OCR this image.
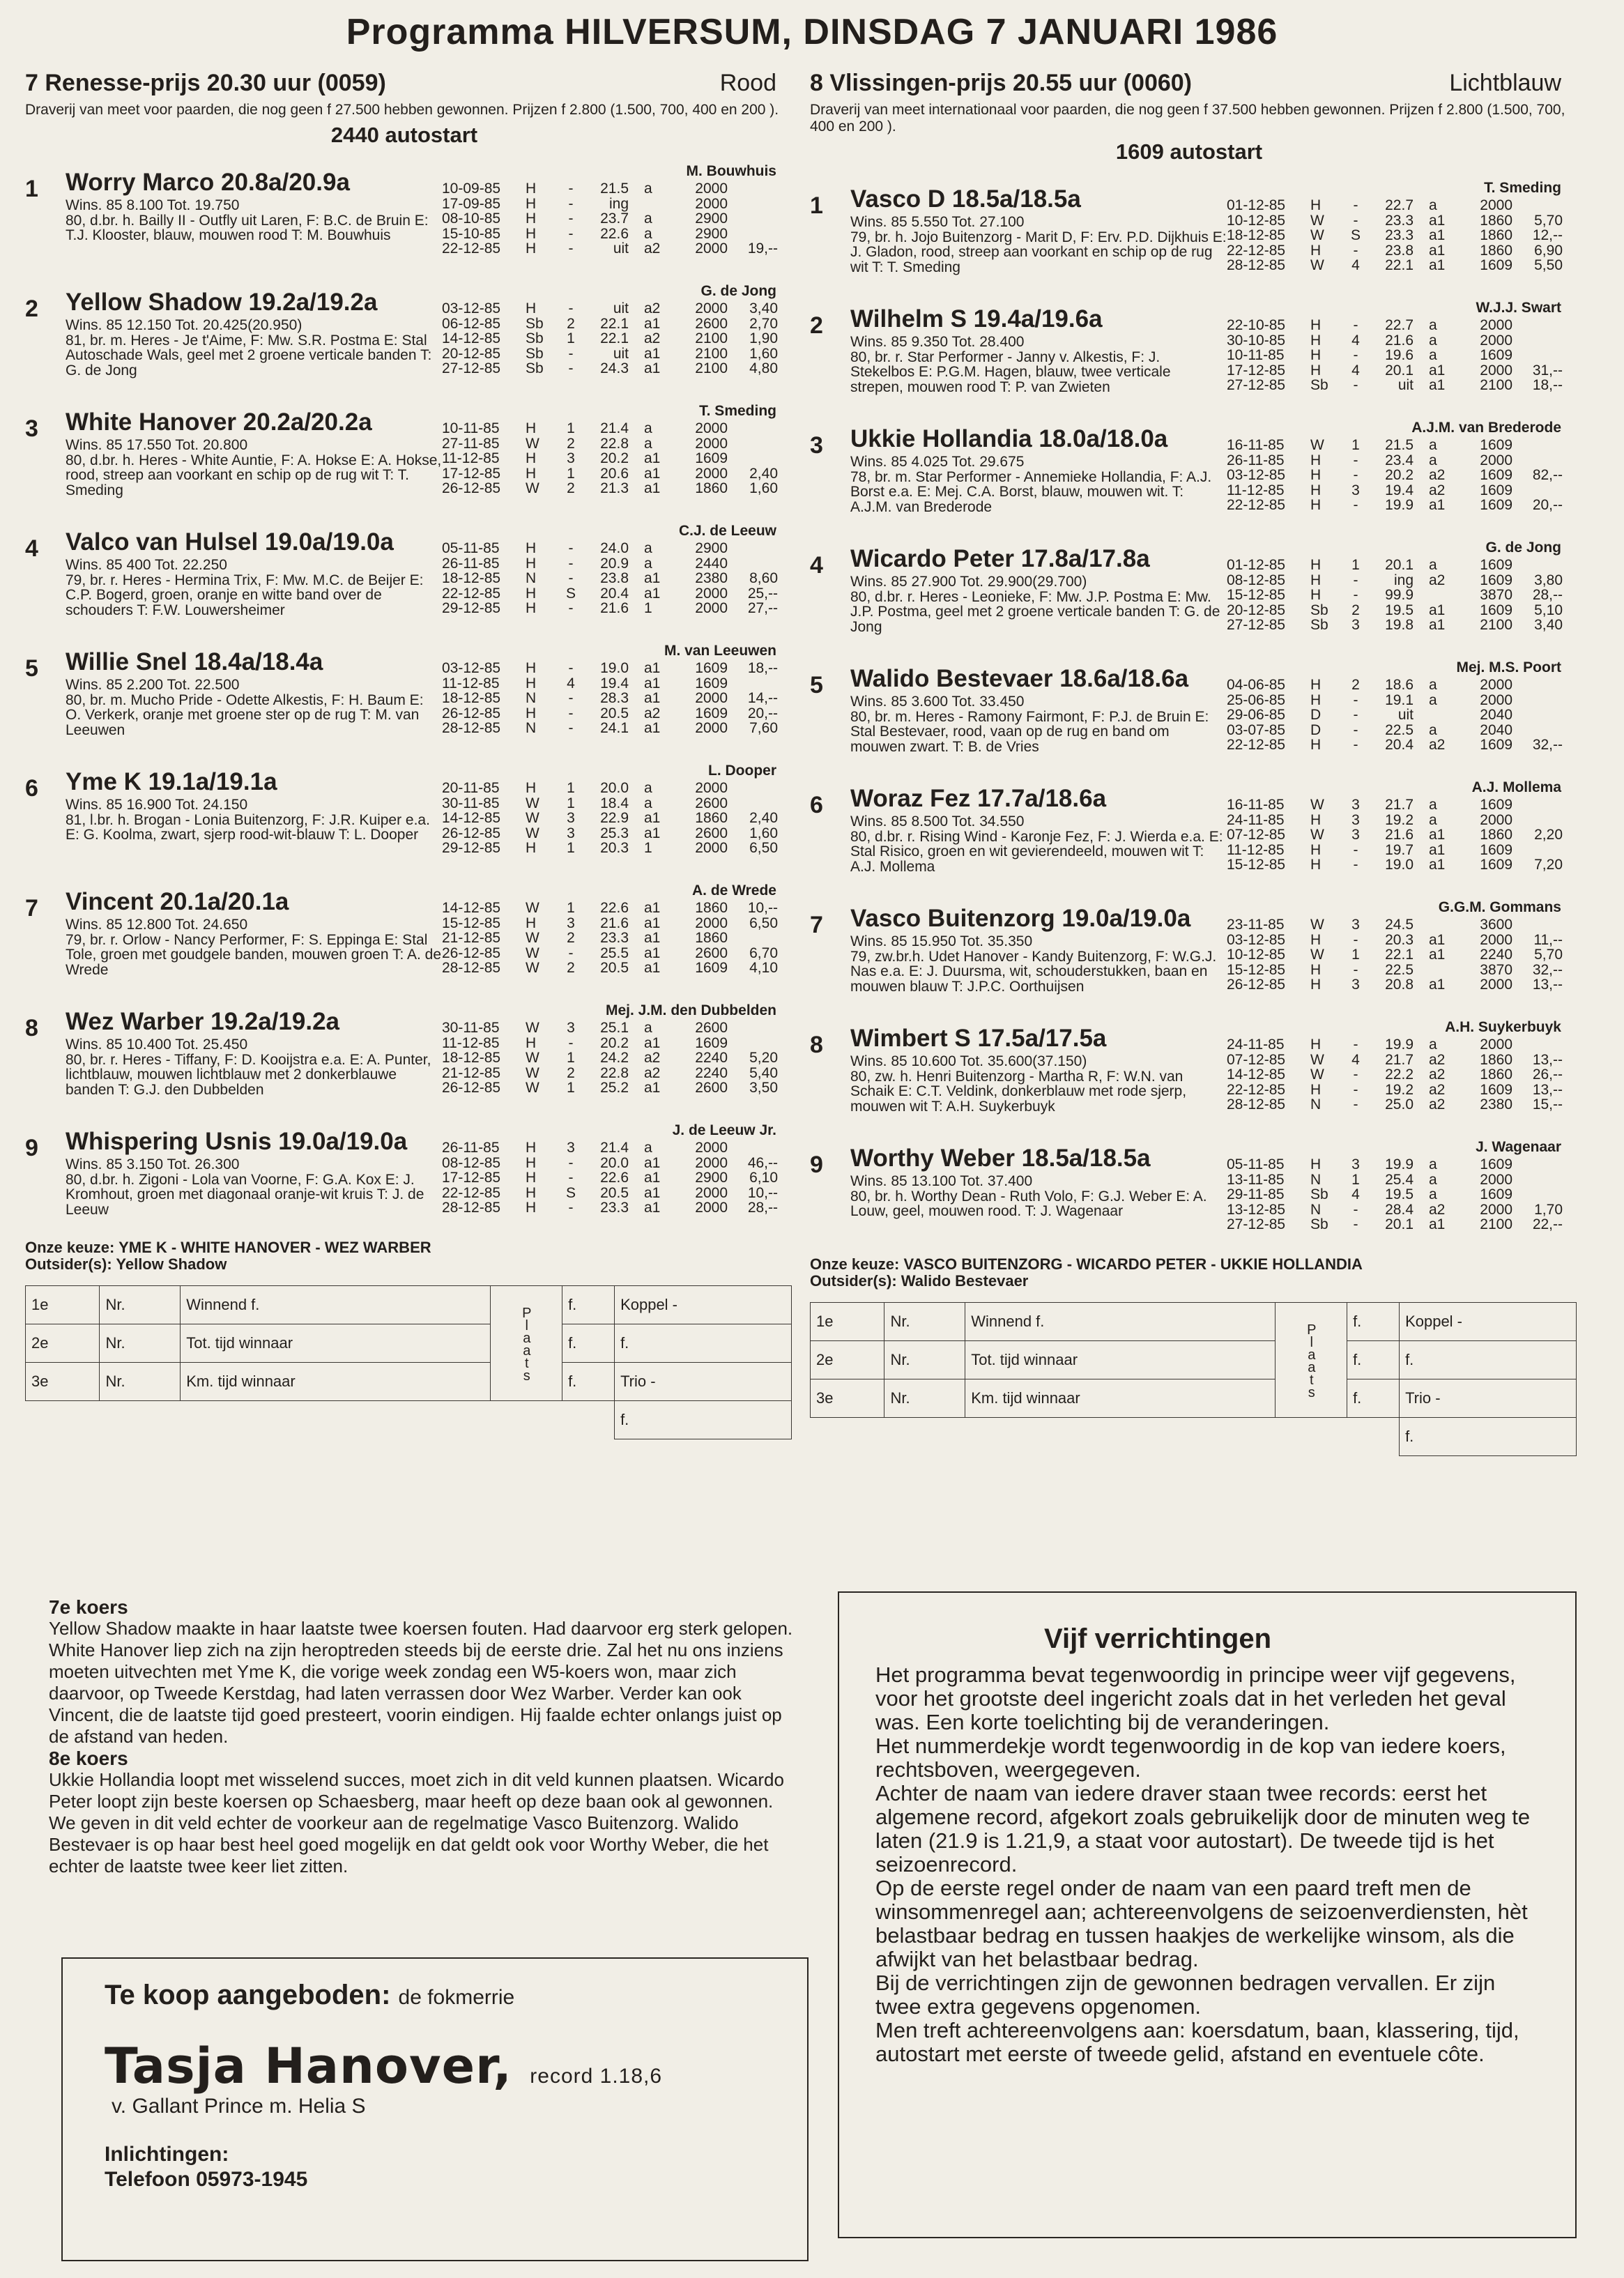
Programma HILVERSUM, DINSDAG 7 JANUARI 1986
7 Renesse-prijs 20.30 uur (0059)	Rood
Draverij van meet voor paarden, die nog geen f 27.500 hebben gewonnen. Prijzen f 2.800 (1.500, 700, 400 en 200 ).
2440 autostart
1 Worry Marco 20.8a/20.9a	M. Bouwhuis
Wins. 85 8.100 Tot. 19.750
80, d.br. h. Bailly II - Outfly uit Laren, F: B.C. de Bruin E: T.J. Klooster, blauw, mouwen rood T: M. Bouwhuis
10-09-85	H	-	21.5 a	2000
17-09-85	H	-	ing	2000
08-10-85	H	-	23.7 a	2900
15-10-85	H	-	22.6 a	2900
22-12-85	H	-	uit a2	2000	19,--
2 Yellow Shadow 19.2a/19.2a	G. de Jong
Wins. 85 12.150 Tot. 20.425(20.950)
81, br. m. Heres - Je t'Aime, F: Mw. S.R. Postma E: Stal Autoschade Wals, geel met 2 groene verticale banden T: G. de Jong
03-12-85	H	-	uit a2	2000	3,40
06-12-85	Sb	2	22.1 a1	2600	2,70
14-12-85	Sb	1	22.1 a2	2100	1,90
20-12-85	Sb	-	uit a1	2100	1,60
27-12-85	Sb	-	24.3 a1	2100	4,80
3 White Hanover 20.2a/20.2a	T. Smeding
Wins. 85 17.550 Tot. 20.800
80, d.br. h. Heres - White Auntie, F: A. Hokse E: A. Hokse, rood, streep aan voorkant en schip op de rug wit T: T. Smeding
10-11-85	H	1	21.4 a	2000
27-11-85	W	2	22.8 a	2000
11-12-85	H	3	20.2 a1	1609
17-12-85	H	1	20.6 a1	2000	2,40
26-12-85	W	2	21.3 a1	1860	1,60
4 Valco van Hulsel 19.0a/19.0a	C.J. de Leeuw
Wins. 85 400 Tot. 22.250
79, br. r. Heres - Hermina Trix, F: Mw. M.C. de Beijer E: C.P. Bogerd, groen, oranje en witte band over de schouders T: F.W. Louwersheimer
05-11-85	H	-	24.0 a	2900
26-11-85	H	-	20.9 a	2440
18-12-85	N	-	23.8 a1	2380	8,60
22-12-85	H	S	20.4 a1	2000	25,--
29-12-85	H	-	21.6 1	2000	27,--
5 Willie Snel 18.4a/18.4a	M. van Leeuwen
Wins. 85 2.200 Tot. 22.500
80, br. m. Mucho Pride - Odette Alkestis, F: H. Baum E: O. Verkerk, oranje met groene ster op de rug T: M. van Leeuwen
03-12-85	H	-	19.0 a1	1609	18,--
11-12-85	H	4	19.4 a1	1609
18-12-85	N	-	28.3 a1	2000	14,--
26-12-85	H	-	20.5 a2	1609	20,--
28-12-85	N	-	24.1 a1	2000	7,60
6 Yme K 19.1a/19.1a	L. Dooper
Wins. 85 16.900 Tot. 24.150
81, l.br. h. Brogan - Lonia Buitenzorg, F: J.R. Kuiper e.a. E: G. Koolma, zwart, sjerp rood-wit-blauw T: L. Dooper
20-11-85	H	1	20.0 a	2000
30-11-85	W	1	18.4 a	2600
14-12-85	W	3	22.9 a1	1860	2,40
26-12-85	W	3	25.3 a1	2600	1,60
29-12-85	H	1	20.3 1	2000	6,50
7 Vincent 20.1a/20.1a	A. de Wrede
Wins. 85 12.800 Tot. 24.650
79, br. r. Orlow - Nancy Performer, F: S. Eppinga E: Stal Tole, groen met goudgele banden, mouwen groen T: A. de Wrede
14-12-85	W	1	22.6 a1	1860	10,--
15-12-85	H	3	21.6 a1	2000	6,50
21-12-85	W	2	23.3 a1	1860
26-12-85	W	-	25.5 a1	2600	6,70
28-12-85	W	2	20.5 a1	1609	4,10
8 Wez Warber 19.2a/19.2a	Mej. J.M. den Dubbelden
Wins. 85 10.400 Tot. 25.450
80, br. r. Heres - Tiffany, F: D. Kooijstra e.a. E: A. Punter, lichtblauw, mouwen lichtblauw met 2 donkerblauwe banden T: G.J. den Dubbelden
30-11-85	W	3	25.1 a	2600
11-12-85	H	-	20.2 a1	1609
18-12-85	W	1	24.2 a2	2240	5,20
21-12-85	W	2	22.8 a2	2240	5,40
26-12-85	W	1	25.2 a1	2600	3,50
9 Whispering Usnis 19.0a/19.0a	J. de Leeuw Jr.
Wins. 85 3.150 Tot. 26.300
80, d.br. h. Zigoni - Lola van Voorne, F: G.A. Kox E: J. Kromhout, groen met diagonaal oranje-wit kruis T: J. de Leeuw
26-11-85	H	3	21.4 a	2000
08-12-85	H	-	20.0 a1	2000	46,--
17-12-85	H	-	22.6 a1	2900	6,10
22-12-85	H	S	20.5 a1	2000	10,--
28-12-85	H	-	23.3 a1	2000	28,--
Onze keuze: YME K - WHITE HANOVER - WEZ WARBER
Outsider(s): Yellow Shadow
1e	Nr.	Winnend f.	Plaats	f.	Koppel -
2e	Nr.	Tot. tijd winnaar		f.	f.
3e	Nr.	Km. tijd winnaar		f.	Trio -
					f.
8 Vlissingen-prijs 20.55 uur (0060)	Lichtblauw
Draverij van meet internationaal voor paarden, die nog geen f 37.500 hebben gewonnen. Prijzen f 2.800 (1.500, 700, 400 en 200 ).
1609 autostart
1 Vasco D 18.5a/18.5a	T. Smeding
Wins. 85 5.550 Tot. 27.100
79, br. h. Jojo Buitenzorg - Marit D, F: Erv. P.D. Dijkhuis E: J. Gladon, rood, streep aan voorkant en schip op de rug wit T: T. Smeding
01-12-85	H	-	22.7 a	2000
10-12-85	W	-	23.3 a1	1860	5,70
18-12-85	W	S	23.3 a1	1860	12,--
22-12-85	H	-	23.8 a1	1860	6,90
28-12-85	W	4	22.1 a1	1609	5,50
2 Wilhelm S 19.4a/19.6a	W.J.J. Swart
Wins. 85 9.350 Tot. 28.400
80, br. r. Star Performer - Janny v. Alkestis, F: J. Stekelbos E: P.G.M. Hagen, blauw, twee verticale strepen, mouwen rood T: P. van Zwieten
22-10-85	H	-	22.7 a	2000
30-10-85	H	4	21.6 a	2000
10-11-85	H	-	19.6 a	1609
17-12-85	H	4	20.1 a1	2000	31,--
27-12-85	Sb	-	uit a1	2100	18,--
3 Ukkie Hollandia 18.0a/18.0a	A.J.M. van Brederode
Wins. 85 4.025 Tot. 29.675
78, br. m. Star Performer - Annemieke Hollandia, F: A.J. Borst e.a. E: Mej. C.A. Borst, blauw, mouwen wit. T: A.J.M. van Brederode
16-11-85	W	1	21.5 a	1609
26-11-85	H	-	23.4 a	2000
03-12-85	H	-	20.2 a2	1609	82,--
11-12-85	H	3	19.4 a2	1609
22-12-85	H	-	19.9 a1	1609	20,--
4 Wicardo Peter 17.8a/17.8a	G. de Jong
Wins. 85 27.900 Tot. 29.900(29.700)
80, d.br. r. Heres - Leonieke, F: Mw. J.P. Postma E: Mw. J.P. Postma, geel met 2 groene verticale banden T: G. de Jong
01-12-85	H	1	20.1 a	1609
08-12-85	H	-	ing a2	1609	3,80
15-12-85	H	-	99.9	3870	28,--
20-12-85	Sb	2	19.5 a1	1609	5,10
27-12-85	Sb	3	19.8 a1	2100	3,40
5 Walido Bestevaer 18.6a/18.6a	Mej. M.S. Poort
Wins. 85 3.600 Tot. 33.450
80, br. m. Heres - Ramony Fairmont, F: P.J. de Bruin E: Stal Bestevaer, rood, vaan op de rug en band om mouwen zwart. T: B. de Vries
04-06-85	H	2	18.6 a	2000
25-06-85	H	-	19.1 a	2000
29-06-85	D	-	uit	2040
03-07-85	D	-	22.5 a	2040
22-12-85	H	-	20.4 a2	1609	32,--
6 Woraz Fez 17.7a/18.6a	A.J. Mollema
Wins. 85 8.500 Tot. 34.550
80, d.br. r. Rising Wind - Karonje Fez, F: J. Wierda e.a. E: Stal Risico, groen en wit gevierendeeld, mouwen wit T: A.J. Mollema
16-11-85	W	3	21.7 a	1609
24-11-85	H	3	19.2 a	2000
07-12-85	W	3	21.6 a1	1860	2,20
11-12-85	H	-	19.7 a1	1609
15-12-85	H	-	19.0 a1	1609	7,20
7 Vasco Buitenzorg 19.0a/19.0a	G.G.M. Gommans
Wins. 85 15.950 Tot. 35.350
79, zw.br.h. Udet Hanover - Kandy Buitenzorg, F: W.G.J. Nas e.a. E: J. Duursma, wit, schouderstukken, baan en mouwen blauw T: J.P.C. Oorthuijsen
23-11-85	W	3	24.5	3600
03-12-85	H	-	20.3 a1	2000	11,--
10-12-85	W	1	22.1 a1	2240	5,70
15-12-85	H	-	22.5	3870	32,--
26-12-85	H	3	20.8 a1	2000	13,--
8 Wimbert S 17.5a/17.5a	A.H. Suykerbuyk
Wins. 85 10.600 Tot. 35.600(37.150)
80, zw. h. Henri Buitenzorg - Martha R, F: W.N. van Schaik E: C.T. Veldink, donkerblauw met rode sjerp, mouwen wit T: A.H. Suykerbuyk
24-11-85	H	-	19.9 a	2000
07-12-85	W	4	21.7 a2	1860	13,--
14-12-85	W	-	22.2 a2	1860	26,--
22-12-85	H	-	19.2 a2	1609	13,--
28-12-85	N	-	25.0 a2	2380	15,--
9 Worthy Weber 18.5a/18.5a	J. Wagenaar
Wins. 85 13.100 Tot. 37.400
80, br. h. Worthy Dean - Ruth Volo, F: G.J. Weber E: A. Louw, geel, mouwen rood. T: J. Wagenaar
05-11-85	H	3	19.9 a	1609
13-11-85	N	1	25.4 a	2000
29-11-85	Sb	4	19.5 a	1609
13-12-85	N	-	28.4 a2	2000	1,70
27-12-85	Sb	-	20.1 a1	2100	22,--
Onze keuze: VASCO BUITENZORG - WICARDO PETER - UKKIE HOLLANDIA
Outsider(s): Walido Bestevaer
1e	Nr.	Winnend f.	Plaats	f.	Koppel -
2e	Nr.	Tot. tijd winnaar		f.	f.
3e	Nr.	Km. tijd winnaar		f.	Trio -
					f.
7e koers

Yellow Shadow maakte in haar laatste twee koersen fouten. Had daarvoor erg sterk gelopen. White Hanover liep zich na zijn heroptreden steeds bij de eerste drie. Zal het nu ons inziens moeten uitvechten met Yme K, die vorige week zondag een W5-koers won, maar zich daarvoor, op Tweede Kerstdag, had laten verrassen door Wez Warber. Verder kan ook Vincent, die de laatste tijd goed presteert, voorin eindigen. Hij faalde echter onlangs juist op de afstand van heden.

8e koers

Ukkie Hollandia loopt met wisselend succes, moet zich in dit veld kunnen plaatsen. Wicardo Peter loopt zijn beste koersen op Schaesberg, maar heeft op deze baan ook al gewonnen. We geven in dit veld echter de voorkeur aan de regelmatige Vasco Buitenzorg. Walido Bestevaer is op haar best heel goed mogelijk en dat geldt ook voor Worthy Weber, die het echter de laatste twee keer liet zitten.

Te koop aangeboden: de fokmerrie
Tasja Hanover, record 1.18,6
v. Gallant Prince m. Helia S
Inlichtingen:
Telefoon 05973-1945
Vijf verrichtingen

Het programma bevat tegenwoordig in principe weer vijf gegevens, voor het grootste deel ingericht zoals dat in het verleden het geval was. Een korte toelichting bij de veranderingen.

Het nummerdekje wordt tegenwoordig in de kop van iedere koers, rechtsboven, weergegeven.

Achter de naam van iedere draver staan twee records: eerst het algemene record, afgekort zoals gebruikelijk door de minuten weg te laten (21.9 is 1.21,9, a staat voor autostart). De tweede tijd is het seizoenrecord.

Op de eerste regel onder de naam van een paard treft men de winsommenregel aan; achtereenvolgens de seizoenverdiensten, hèt belastbaar bedrag en tussen haakjes de werkelijke winsom, als die afwijkt van het belastbaar bedrag.

Bij de verrichtingen zijn de gewonnen bedragen vervallen. Er zijn twee extra gegevens opgenomen.

Men treft achtereenvolgens aan: koersdatum, baan, klassering, tijd, autostart met eerste of tweede gelid, afstand en eventuele côte.
